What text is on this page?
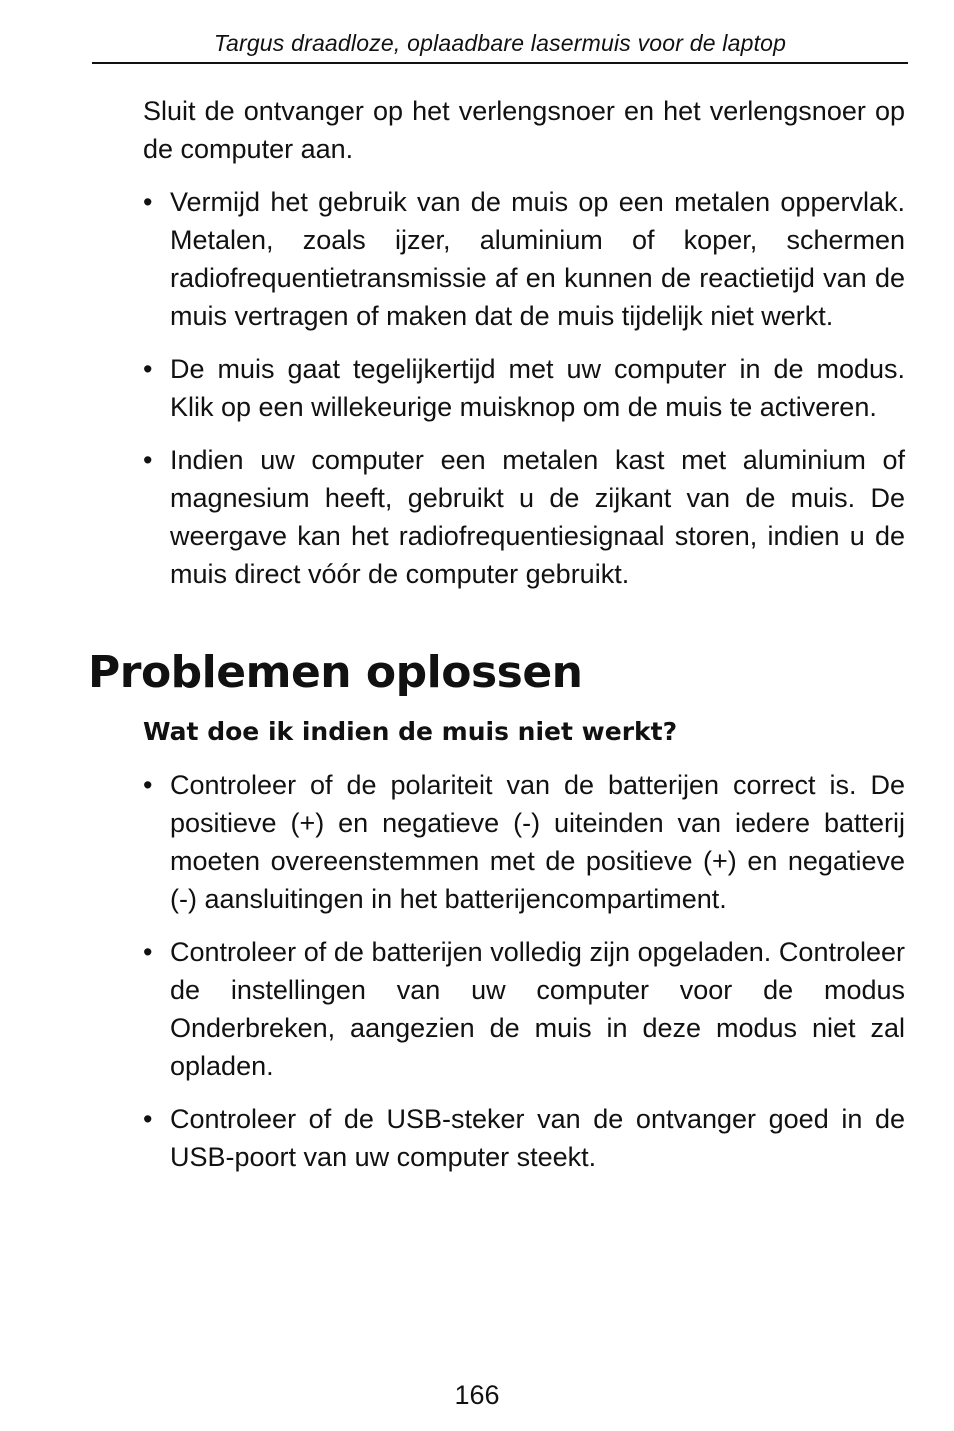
Targus draadloze, oplaadbare lasermuis voor de laptop

Sluit de ontvanger op het verlengsnoer en het verlengsnoer op de computer aan.

• Vermijd het gebruik van de muis op een metalen oppervlak. Metalen, zoals ijzer, aluminium of koper, schermen radiofrequentietransmissie af en kunnen de reactietijd van de muis vertragen of maken dat de muis tijdelijk niet werkt.
• De muis gaat tegelijkertijd met uw computer in de modus. Klik op een willekeurige muisknop om de muis te activeren.
• Indien uw computer een metalen kast met aluminium of magnesium heeft, gebruikt u de zijkant van de muis. De weergave kan het radiofrequentiesignaal storen, indien u de muis direct vóór de computer gebruikt.
Problemen oplossen
Wat doe ik indien de muis niet werkt?
• Controleer of de polariteit van de batterijen correct is. De positieve (+) en negatieve (-) uiteinden van iedere batterij moeten overeenstemmen met de positieve (+) en negatieve (-) aansluitingen in het batterijencompartiment.
• Controleer of de batterijen volledig zijn opgeladen. Controleer de instellingen van uw computer voor de modus Onderbreken, aangezien de muis in deze modus niet zal opladen.
• Controleer of de USB-steker van de ontvanger goed in de USB-poort van uw computer steekt.
166
